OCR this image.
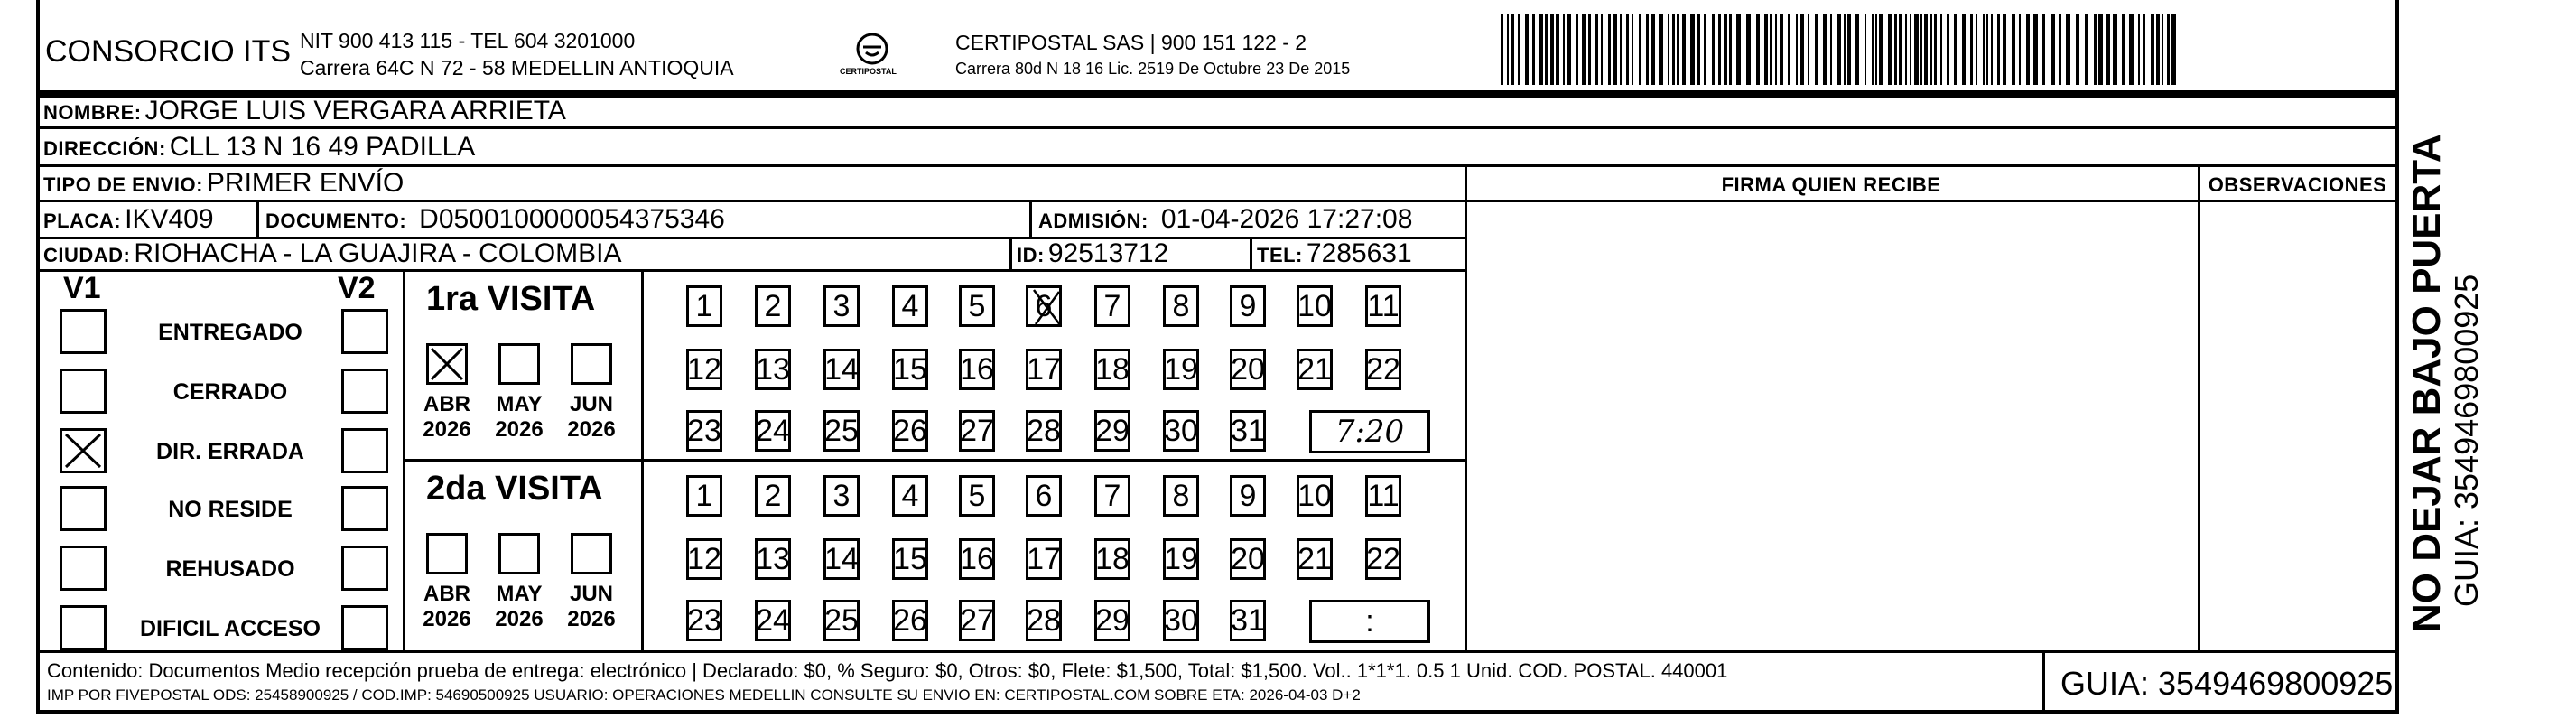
CONSORCIO ITS NIT 900 413 115 - TEL 604 3201000
Carrera 64C N 72 - 58 MEDELLIN ANTIOQUIA	CERTIPOSTAL
CERTIPOSTAL SAS | 900 151 122 - 2
Carrera 80d N 18 16 Lic. 2519 De Octubre 23 De 2015
NOMBRE: JORGE LUIS VERGARA ARRIETA
DIRECCIÓN: CLL 13 N 16 49 PADILLA
TIPO DE ENVIO: PRIMER ENVÍO
PLACA: IKV409	DOCUMENTO: D0500100000054375346	ADMISIÓN: 01-04-2026 17:27:08
CIUDAD: RIOHACHA - LA GUAJIRA - COLOMBIA	ID: 92513712	TEL: 7285631
FIRMA QUIEN RECIBE	OBSERVACIONES
V1	V2
ENTREGADO
CERRADO
DIR. ERRADA
NO RESIDE
REHUSADO
DIFICIL ACCESO
1ra VISITA
ABR
2026
MAY
2026
JUN
2026
1 2 3 4 5 6 7 8 9 10 11
12 13 14 15 16 17 18 19 20 21 22
23 24 25 26 27 28 29 30 31 7:20
2da VISITA
ABR
2026
MAY
2026
JUN
2026
1 2 3 4 5 6 7 8 9 10 11
12 13 14 15 16 17 18 19 20 21 22
23 24 25 26 27 28 29 30 31	:	NO DEJAR BAJO PUERTA GUIA: 3549469800925
Contenido: Documentos Medio recepción prueba de entrega: electrónico | Declarado: $0, % Seguro: $0, Otros: $0, Flete: $1,500, Total: $1,500. Vol.. 1*1*1. 0.5 1 Unid. COD. POSTAL. 440001
IMP POR FIVEPOSTAL ODS: 25458900925 / COD.IMP: 54690500925 USUARIO: OPERACIONES MEDELLIN CONSULTE SU ENVIO EN: CERTIPOSTAL.COM SOBRE ETA: 2026-04-03 D+2	GUIA: 3549469800925
